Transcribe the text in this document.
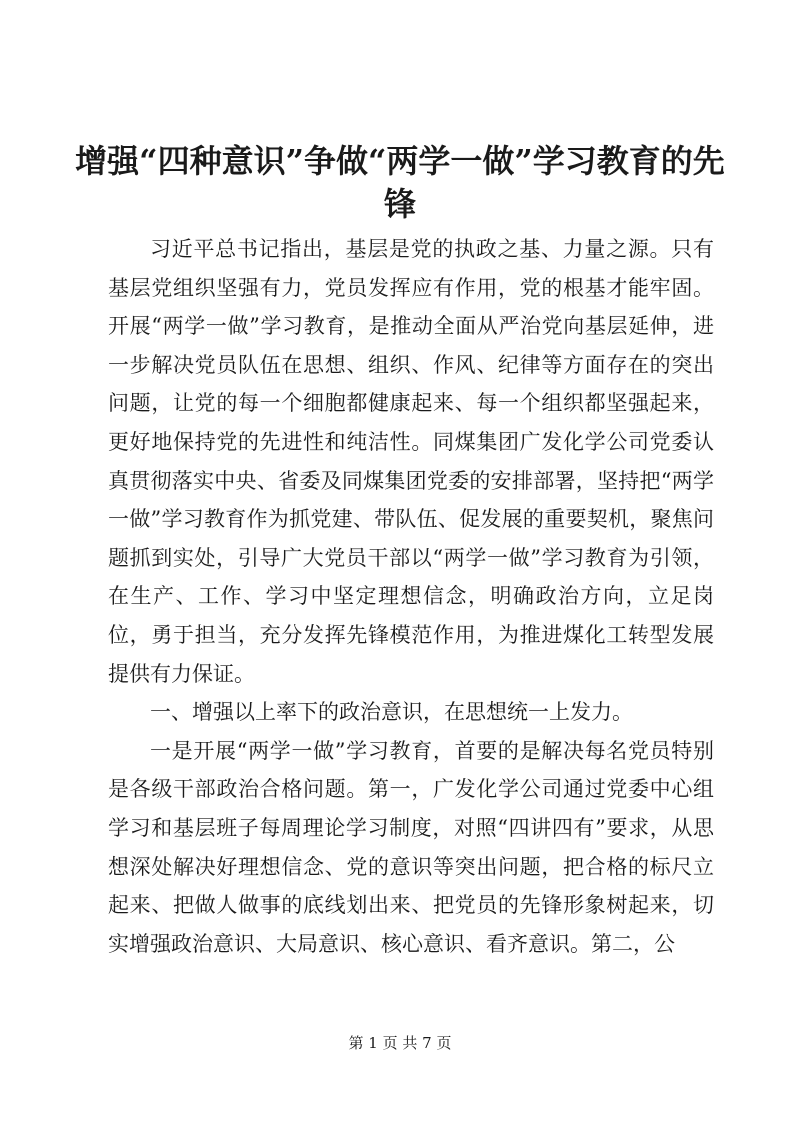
增强“四种意识”争做“两学一做”学习教育的先锋

习近平总书记指出，基层是党的执政之基、力量之源。只有基层党组织坚强有力，党员发挥应有作用，党的根基才能牢固。开展“两学一做”学习教育，是推动全面从严治党向基层延伸，进一步解决党员队伍在思想、组织、作风、纪律等方面存在的突出问题，让党的每一个细胞都健康起来、每一个组织都坚强起来，更好地保持党的先进性和纯洁性。同煤集团广发化学公司党委认真贯彻落实中央、省委及同煤集团党委的安排部署，坚持把“两学一做”学习教育作为抓党建、带队伍、促发展的重要契机，聚焦问题抓到实处，引导广大党员干部以“两学一做”学习教育为引领，在生产、工作、学习中坚定理想信念，明确政治方向，立足岗位，勇于担当，充分发挥先锋模范作用，为推进煤化工转型发展提供有力保证。

一、增强以上率下的政治意识，在思想统一上发力。

一是开展“两学一做”学习教育，首要的是解决每名党员特别是各级干部政治合格问题。第一，广发化学公司通过党委中心组学习和基层班子每周理论学习制度，对照“四讲四有”要求，从思想深处解决好理想信念、党的意识等突出问题，把合格的标尺立起来、把做人做事的底线划出来、把党员的先锋形象树起来，切实增强政治意识、大局意识、核心意识、看齐意识。第二，公

第 1 页 共 7 页
